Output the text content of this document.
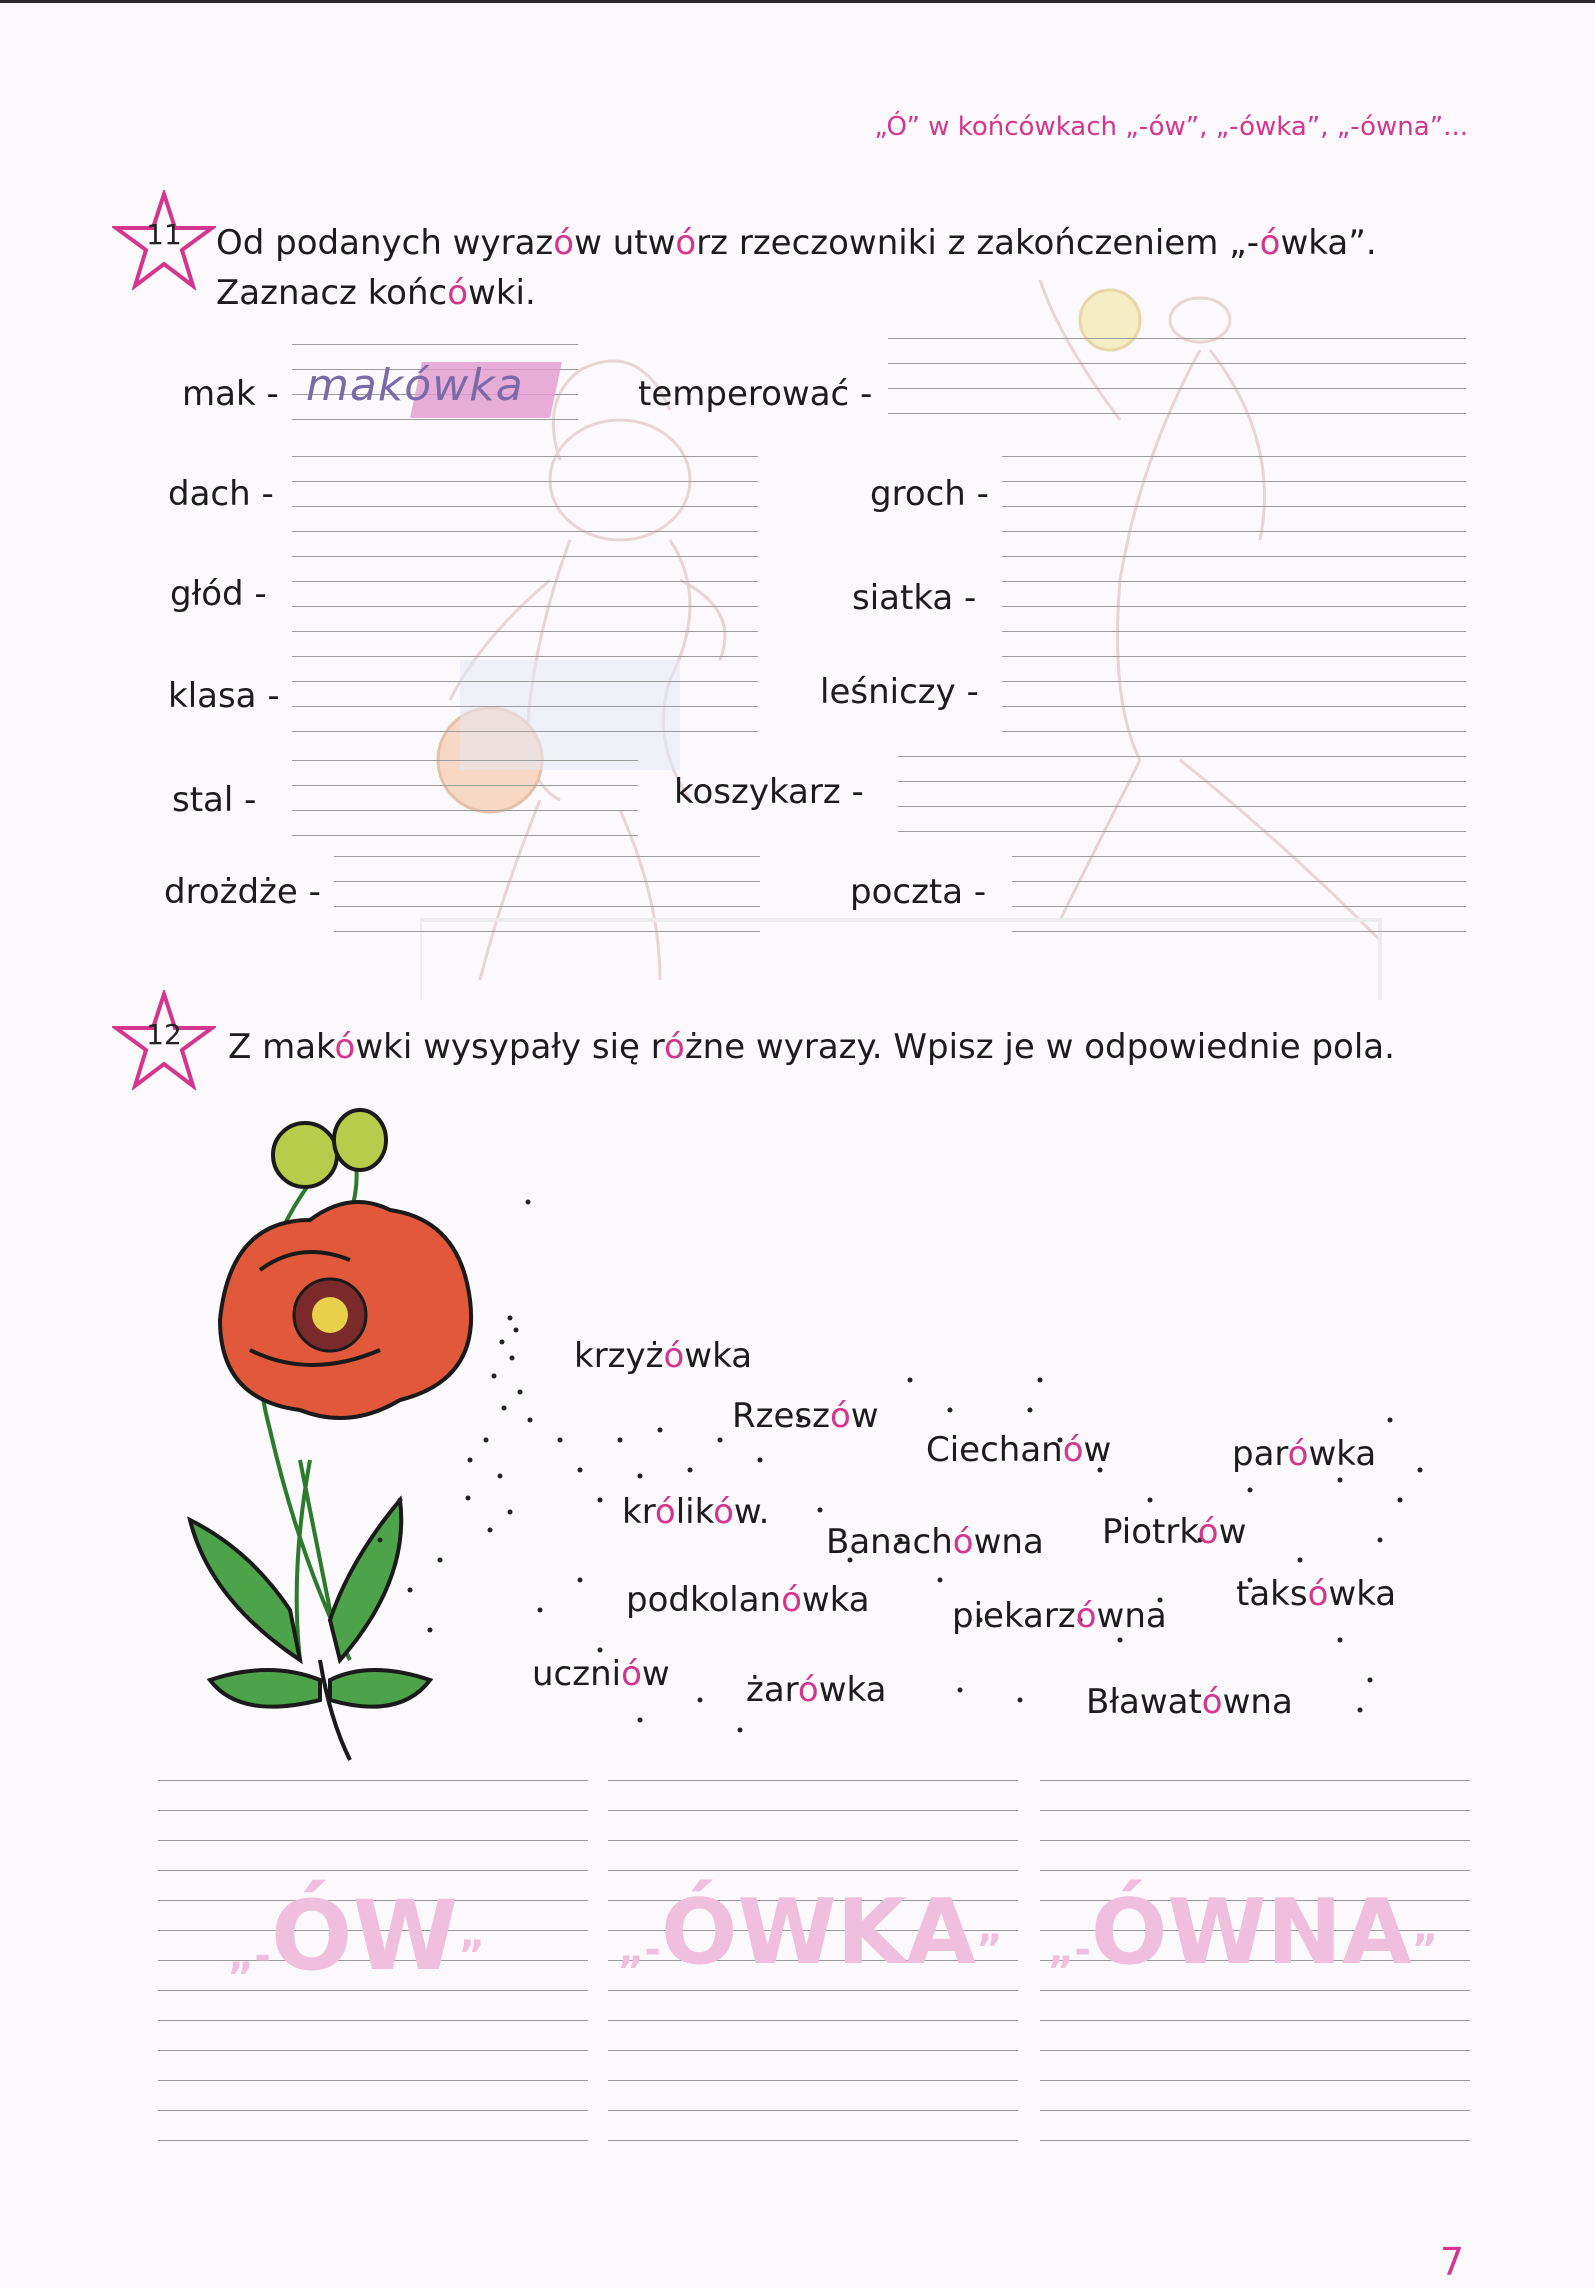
„Ó” w końcówkach „-ów”, „-ówka”, „-ówna”...
11	Od podanych wyrazów utwórz rzeczowniki z zakończeniem „-ówka”.
Zaznacz końcówki.
mak -
dach -
głód -
klasa -
stal -
drożdże -
temperować -
groch -
siatka -
leśniczy -
koszykarz -
poczta -
makówka
12	Z makówki wysypały się różne wyrazy. Wpisz je w odpowiednie pola.
krzyżówka
Rzeszów
Ciechanów	parówka
królików.
Banachówna Piotrków
podkolanówka piekarzówna
taksówka
uczniów żarówka	Bławatówna
„-ÓW”	„-ÓWKA” „-ÓWNA”
7
